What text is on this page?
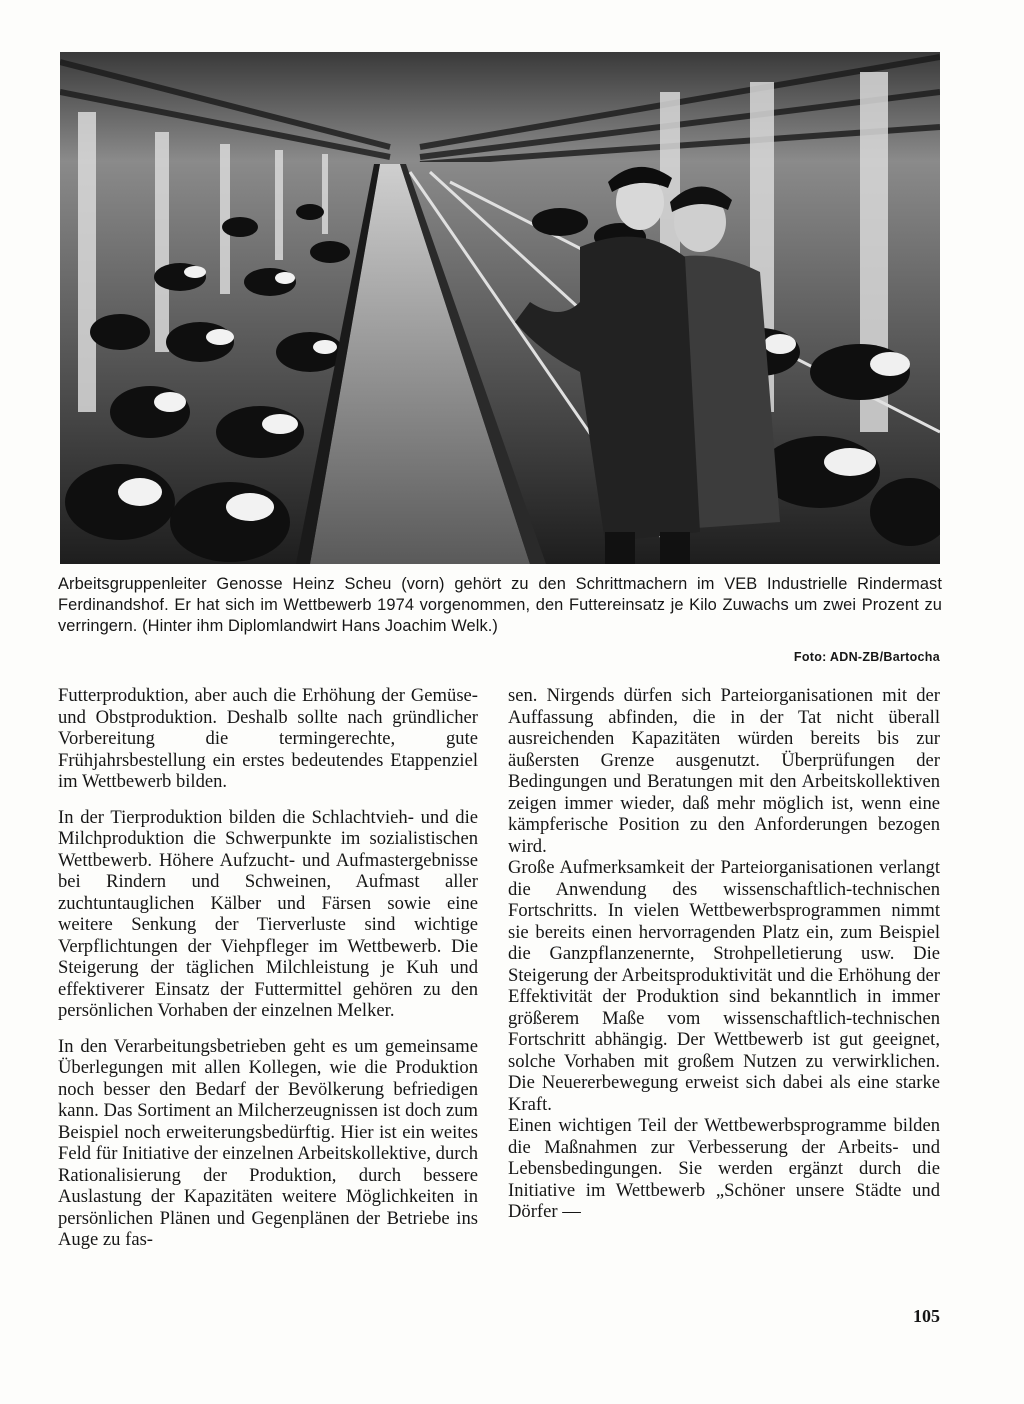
Arbeitsgruppenleiter Genosse Heinz Scheu (vorn) gehört zu den Schrittmachern im VEB Industrielle Rindermast Ferdinandshof. Er hat sich im Wettbewerb 1974 vorgenommen, den Futtereinsatz je Kilo Zuwachs um zwei Prozent zu verringern. (Hinter ihm Diplomlandwirt Hans Joachim Welk.)
Foto: ADN-ZB/Bartocha

Futterproduktion, aber auch die Erhöhung der Gemüse- und Obstproduktion. Deshalb sollte nach gründlicher Vorbereitung die termingerechte, gute Frühjahrsbestellung ein erstes bedeutendes Etappenziel im Wettbewerb bilden.

In der Tierproduktion bilden die Schlachtvieh- und die Milchproduktion die Schwerpunkte im sozialistischen Wettbewerb. Höhere Aufzucht- und Aufmastergebnisse bei Rindern und Schweinen, Aufmast aller zuchtuntauglichen Kälber und Färsen sowie eine weitere Senkung der Tierverluste sind wichtige Verpflichtungen der Viehpfleger im Wettbewerb. Die Steigerung der täglichen Milchleistung je Kuh und effektiverer Einsatz der Futtermittel gehören zu den persönlichen Vorhaben der einzelnen Melker.

In den Verarbeitungsbetrieben geht es um gemeinsame Überlegungen mit allen Kollegen, wie die Produktion noch besser den Bedarf der Bevölkerung befriedigen kann. Das Sortiment an Milcherzeugnissen ist doch zum Beispiel noch erweiterungsbedürftig. Hier ist ein weites Feld für Initiative der einzelnen Arbeitskollektive, durch Rationalisierung der Produktion, durch bessere Auslastung der Kapazitäten weitere Möglichkeiten in persönlichen Plänen und Gegenplänen der Betriebe ins Auge zu fas-

sen. Nirgends dürfen sich Parteiorganisationen mit der Auffassung abfinden, die in der Tat nicht überall ausreichenden Kapazitäten würden bereits bis zur äußersten Grenze ausgenutzt. Überprüfungen der Bedingungen und Beratungen mit den Arbeitskollektiven zeigen immer wieder, daß mehr möglich ist, wenn eine kämpferische Position zu den Anforderungen bezogen wird.

Große Aufmerksamkeit der Parteiorganisationen verlangt die Anwendung des wissenschaftlich-technischen Fortschritts. In vielen Wettbewerbsprogrammen nimmt sie bereits einen hervorragenden Platz ein, zum Beispiel die Ganzpflanzenernte, Strohpelletierung usw. Die Steigerung der Arbeitsproduktivität und die Erhöhung der Effektivität der Produktion sind bekanntlich in immer größerem Maße vom wissenschaftlich-technischen Fortschritt abhängig. Der Wettbewerb ist gut geeignet, solche Vorhaben mit großem Nutzen zu verwirklichen. Die Neuererbewegung erweist sich dabei als eine starke Kraft.

Einen wichtigen Teil der Wettbewerbsprogramme bilden die Maßnahmen zur Verbesserung der Arbeits- und Lebensbedingungen. Sie werden ergänzt durch die Initiative im Wettbewerb „Schöner unsere Städte und Dörfer —

105
